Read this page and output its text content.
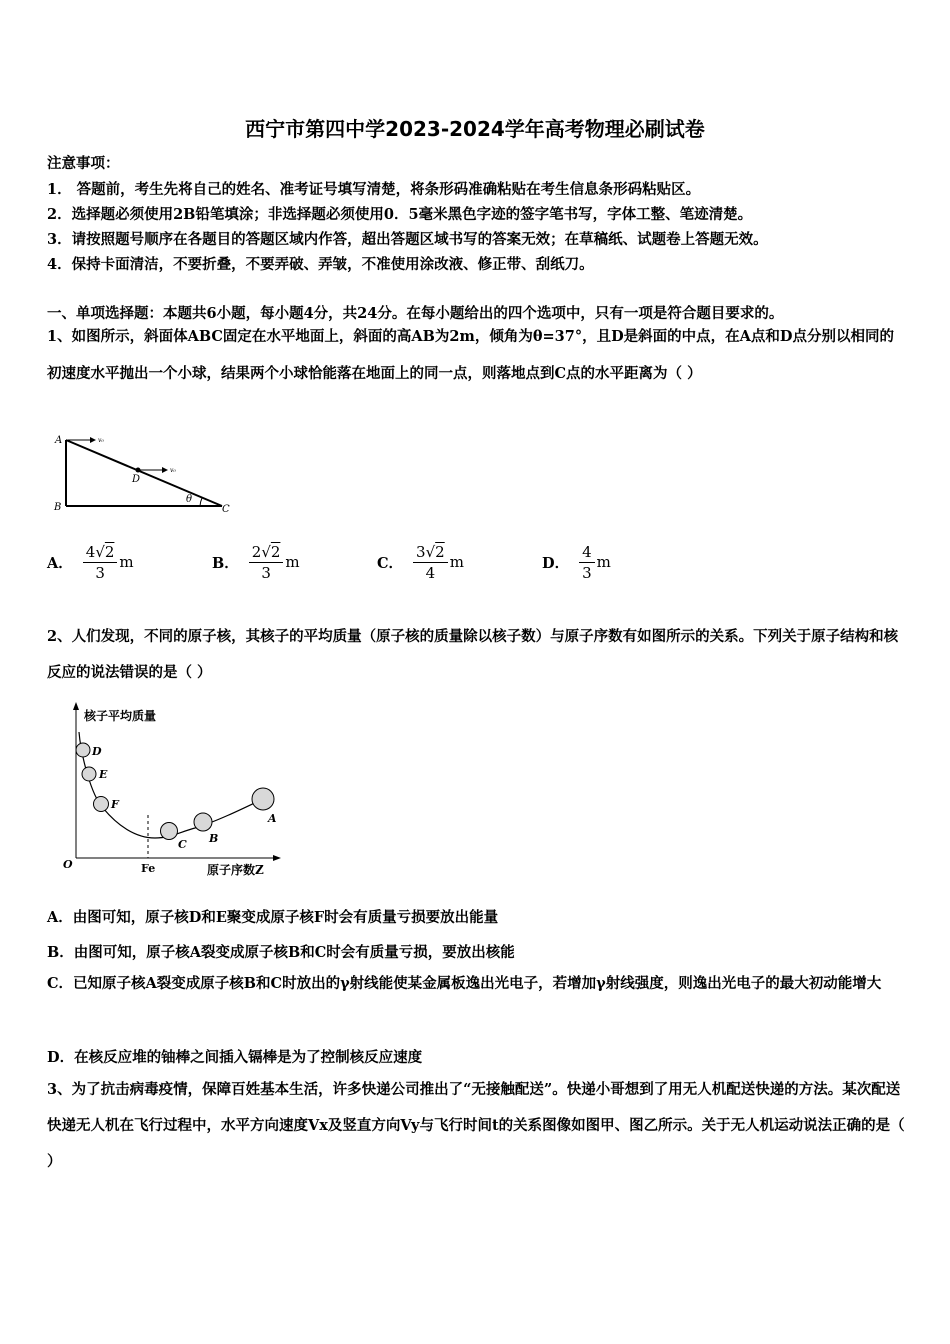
西宁市第四中学2023-2024学年高考物理必刷试卷
注意事项：
1． 答题前，考生先将自己的姓名、准考证号填写清楚，将条形码准确粘贴在考生信息条形码粘贴区。
2．选择题必须使用2B铅笔填涂；非选择题必须使用0．5毫米黑色字迹的签字笔书写，字体工整、笔迹清楚。
3．请按照题号顺序在各题目的答题区域内作答，超出答题区域书写的答案无效；在草稿纸、试题卷上答题无效。
4．保持卡面清洁，不要折叠，不要弄破、弄皱，不准使用涂改液、修正带、刮纸刀。
一、单项选择题：本题共6小题，每小题4分，共24分。在每小题给出的四个选项中，只有一项是符合题目要求的。
1、如图所示，斜面体ABC固定在水平地面上，斜面的高AB为2m，倾角为θ=37°，且D是斜面的中点，在A点和D点分别以相同的初速度水平抛出一个小球，结果两个小球恰能落在地面上的同一点，则落地点到C点的水平距离为（ ）
A
B	C
D
v₀
v₀
θ
A． $\frac{4√2}{3}$ m	B． $\frac{2√2}{3}$ m	C． $\frac{3√2}{4}$ m	D． $\frac{4}{3}$ m
2、人们发现，不同的原子核，其核子的平均质量（原子核的质量除以核子数）与原子序数有如图所示的关系。下列关于原子结构和核反应的说法错误的是（ ）
核子平均质量
原子序数Z
O	Fe
D
E
F
C B
A
A．由图可知，原子核D和E聚变成原子核F时会有质量亏损要放出能量
B．由图可知，原子核A裂变成原子核B和C时会有质量亏损，要放出核能
C．已知原子核A裂变成原子核B和C时放出的γ射线能使某金属板逸出光电子，若增加γ射线强度，则逸出光电子的最大初动能增大
D．在核反应堆的铀棒之间插入镉棒是为了控制核反应速度
3、为了抗击病毒疫情，保障百姓基本生活，许多快递公司推出了“无接触配送”。快递小哥想到了用无人机配送快递的方法。某次配送快递无人机在飞行过程中，水平方向速度Vx及竖直方向Vy与飞行时间t的关系图像如图甲、图乙所示。关于无人机运动说法正确的是（ ）
